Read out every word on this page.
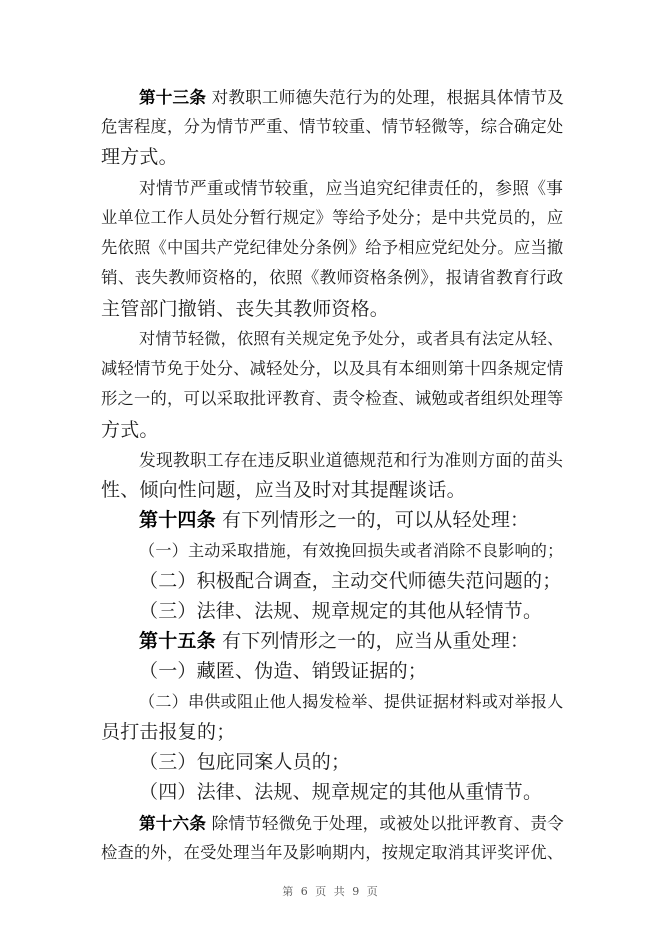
第十三条 对教职工师德失范行为的处理，根据具体情节及
危害程度，分为情节严重、情节较重、情节轻微等，综合确定处
理方式。
对情节严重或情节较重，应当追究纪律责任的，参照《事
业单位工作人员处分暂行规定》等给予处分；是中共党员的，应
先依照《中国共产党纪律处分条例》给予相应党纪处分。应当撤
销、丧失教师资格的，依照《教师资格条例》，报请省教育行政
主管部门撤销、丧失其教师资格。
对情节轻微，依照有关规定免予处分，或者具有法定从轻、
减轻情节免于处分、减轻处分，以及具有本细则第十四条规定情
形之一的，可以采取批评教育、责令检查、诫勉或者组织处理等
方式。
发现教职工存在违反职业道德规范和行为准则方面的苗头
性、倾向性问题，应当及时对其提醒谈话。
第十四条 有下列情形之一的，可以从轻处理：
（一）主动采取措施，有效挽回损失或者消除不良影响的；
（二）积极配合调查，主动交代师德失范问题的；
（三）法律、法规、规章规定的其他从轻情节。
第十五条 有下列情形之一的，应当从重处理：
（一）藏匿、伪造、销毁证据的；
（二）串供或阻止他人揭发检举、提供证据材料或对举报人
员打击报复的；
（三）包庇同案人员的；
（四）法律、法规、规章规定的其他从重情节。
第十六条 除情节轻微免于处理，或被处以批评教育、责令
检查的外，在受处理当年及影响期内，按规定取消其评奖评优、
第 6 页 共 9 页
